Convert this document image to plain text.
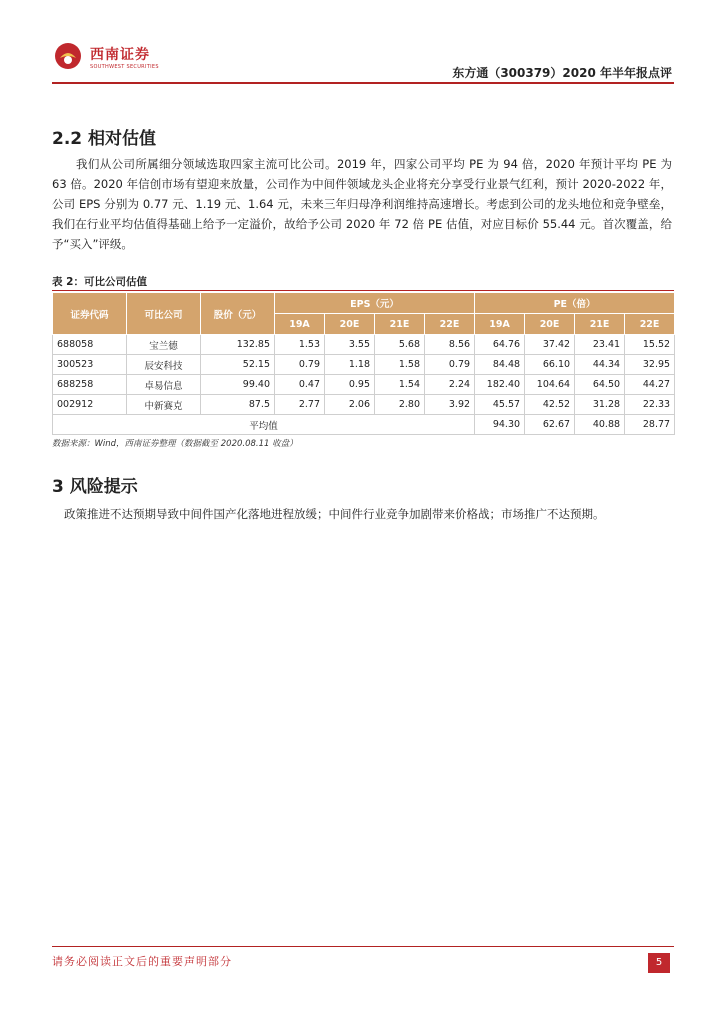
西南证券
SOUTHWEST SECURITIES	东方通（300379）2020 年半年报点评
2.2 相对估值
我们从公司所属细分领域选取四家主流可比公司。2019 年，四家公司平均 PE 为 94 倍，2020 年预计平均 PE 为 63 倍。2020 年信创市场有望迎来放量，公司作为中间件领域龙头企业将充分享受行业景气红利，预计 2020-2022 年，公司 EPS 分别为 0.77 元、1.19 元、1.64 元，未来三年归母净利润维持高速增长。考虑到公司的龙头地位和竞争壁垒，我们在行业平均估值得基础上给予一定溢价，故给予公司 2020 年 72 倍 PE 估值，对应目标价 55.44 元。首次覆盖，给予“买入”评级。
表 2：可比公司估值
证券代码	可比公司	股价（元）	EPS（元）				PE（倍）			
			19A	20E	21E	22E	19A	20E	21E	22E
688058	宝兰德	132.85	1.53	3.55	5.68	8.56	64.76	37.42	23.41	15.52
300523	辰安科技	52.15	0.79	1.18	1.58	0.79	84.48	66.10	44.34	32.95
688258	卓易信息	99.40	0.47	0.95	1.54	2.24	182.40	104.64	64.50	44.27
002912	中新赛克	87.5	2.77	2.06	2.80	3.92	45.57	42.52	31.28	22.33
平均值							94.30	62.67	40.88	28.77
数据来源：Wind，西南证券整理（数据截至 2020.08.11 收盘）
3 风险提示
政策推进不达预期导致中间件国产化落地进程放缓；中间件行业竞争加剧带来价格战；市场推广不达预期。
请务必阅读正文后的重要声明部分	5
